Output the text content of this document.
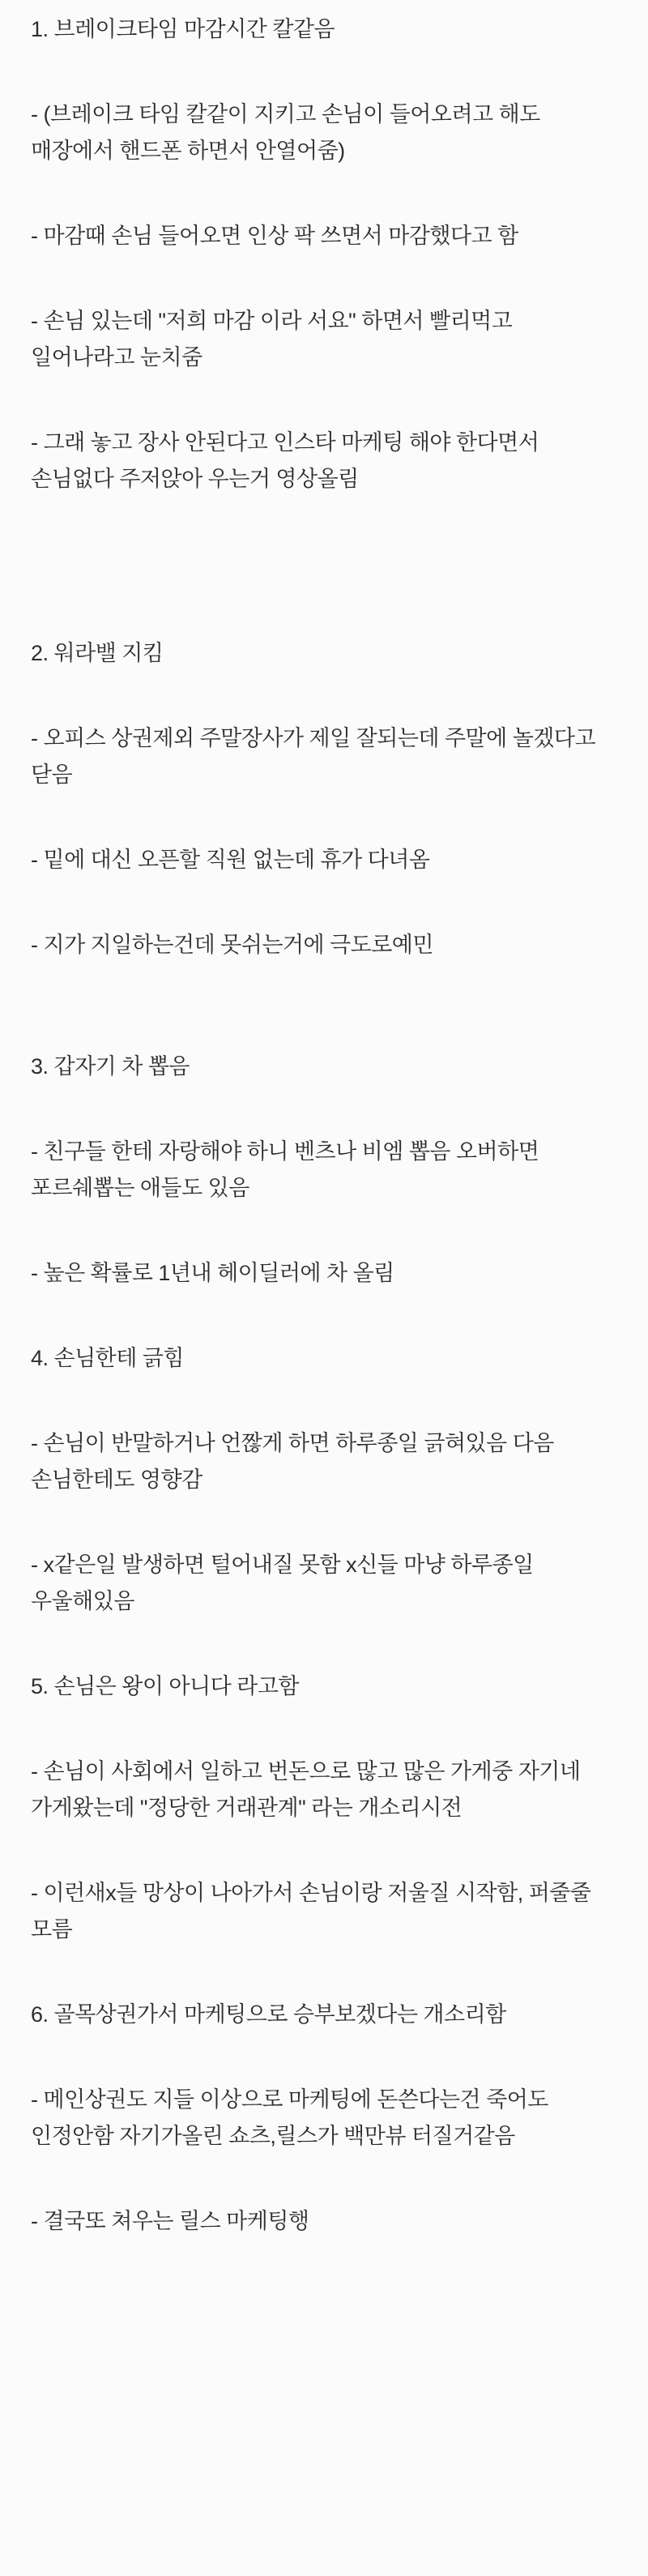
1. 브레이크타임 마감시간 칼같음

- (브레이크 타임 칼같이 지키고 손님이 들어오려고 해도 매장에서 핸드폰 하면서 안열어줌)

- 마감때 손님 들어오면 인상 팍 쓰면서 마감했다고 함

- 손님 있는데 "저희 마감 이라 서요" 하면서 빨리먹고 일어나라고 눈치줌

- 그래 놓고 장사 안된다고 인스타 마케팅 해야 한다면서 손님없다 주저앉아 우는거 영상올림

2. 워라밸 지킴

- 오피스 상권제외 주말장사가 제일 잘되는데 주말에 놀겠다고 닫음

- 밑에 대신 오픈할 직원 없는데 휴가 다녀옴

- 지가 지일하는건데 못쉬는거에 극도로예민

3. 갑자기 차 뽑음

- 친구들 한테 자랑해야 하니 벤츠나 비엠 뽑음 오버하면 포르쉐뽑는 애들도 있음

- 높은 확률로 1년내 헤이딜러에 차 올림

4. 손님한테 긁힘

- 손님이 반말하거나 언짢게 하면 하루종일 긁혀있음 다음 손님한테도 영향감

- x같은일 발생하면 털어내질 못함 x신들 마냥 하루종일 우울해있음

5. 손님은 왕이 아니다 라고함

- 손님이 사회에서 일하고 번돈으로 많고 많은 가게중 자기네 가게왔는데 "정당한 거래관계" 라는 개소리시전

- 이런새x들 망상이 나아가서 손님이랑 저울질 시작함, 퍼줄줄 모름

6. 골목상권가서 마케팅으로 승부보겠다는 개소리함

- 메인상권도 지들 이상으로 마케팅에 돈쓴다는건 죽어도 인정안함 자기가올린 쇼츠,릴스가 백만뷰 터질거같음

- 결국또 쳐우는 릴스 마케팅행
